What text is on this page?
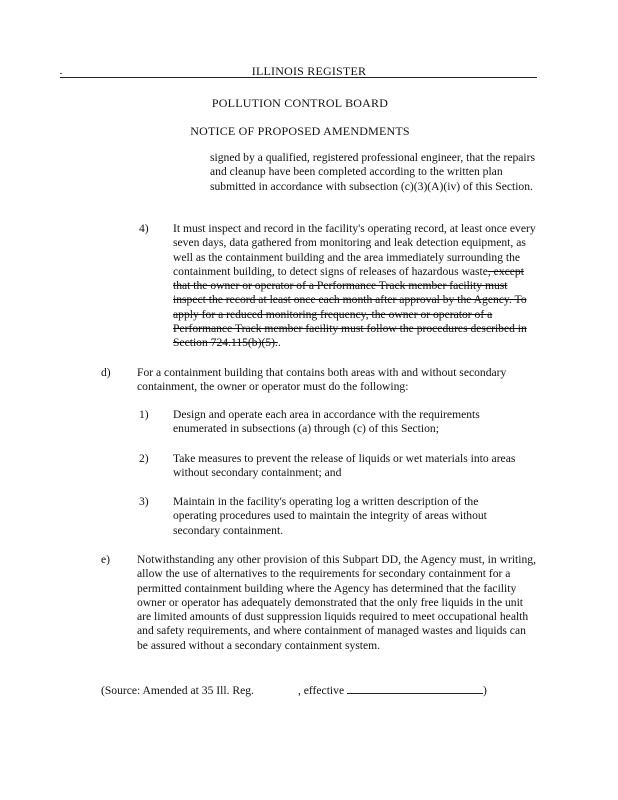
ILLINOIS REGISTER
POLLUTION CONTROL BOARD
NOTICE OF PROPOSED AMENDMENTS
signed by a qualified, registered professional engineer, that the repairs and cleanup have been completed according to the written plan submitted in accordance with subsection (c)(3)(A)(iv) of this Section.
4) It must inspect and record in the facility's operating record, at least once every seven days, data gathered from monitoring and leak detection equipment, as well as the containment building and the area immediately surrounding the containment building, to detect signs of releases of hazardous waste, except that the owner or operator of a Performance Track member facility must inspect the record at least once each month after approval by the Agency. To apply for a reduced monitoring frequency, the owner or operator of a Performance Track member facility must follow the procedures described in Section 724.115(b)(5)..
d) For a containment building that contains both areas with and without secondary containment, the owner or operator must do the following:
1) Design and operate each area in accordance with the requirements enumerated in subsections (a) through (c) of this Section;
2) Take measures to prevent the release of liquids or wet materials into areas without secondary containment; and
3) Maintain in the facility's operating log a written description of the operating procedures used to maintain the integrity of areas without secondary containment.
e) Notwithstanding any other provision of this Subpart DD, the Agency must, in writing, allow the use of alternatives to the requirements for secondary containment for a permitted containment building where the Agency has determined that the facility owner or operator has adequately demonstrated that the only free liquids in the unit are limited amounts of dust suppression liquids required to meet occupational health and safety requirements, and where containment of managed wastes and liquids can be assured without a secondary containment system.
(Source: Amended at 35 Ill. Reg.	, effective	)
